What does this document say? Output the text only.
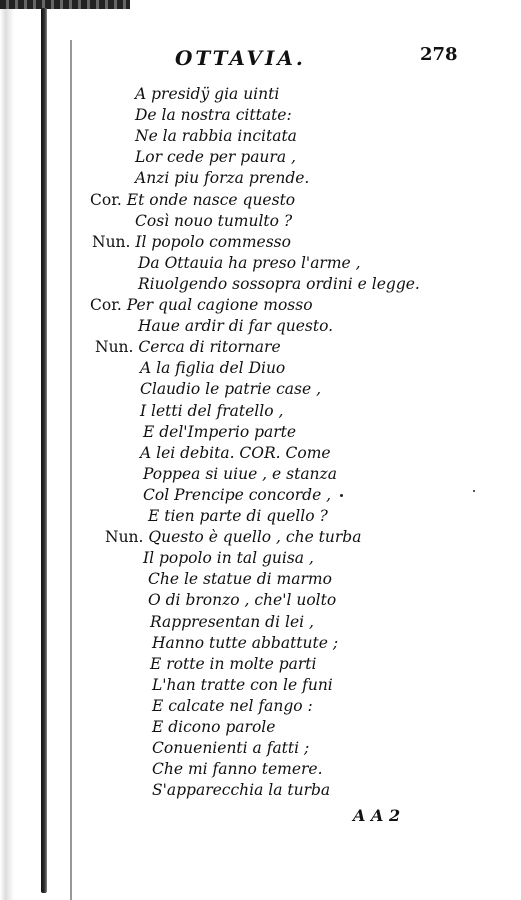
OTTAVIA.	278
A presidÿ gia uinti
De la nostra cittate:
Ne la rabbia incitata
Lor cede per paura ,
Anzi piu forza prende.
Cor. Et onde nasce questo
Così nouo tumulto ?
Nun. Il popolo commesso
Da Ottauia ha preso l'arme ,
Riuolgendo sossopra ordini e legge.
Cor. Per qual cagione mosso
Haue ardir di far questo.
Nun. Cerca di ritornare
A la figlia del Diuo
Claudio le patrie case ,
I letti del fratello ,
E del'Imperio parte
A lei debita. COR. Come
Poppea si uiue , e stanza
Col Prencipe concorde ,
E tien parte di quello ?
Nun. Questo è quello , che turba
Il popolo in tal guisa ,
Che le statue di marmo
O di bronzo , che'l uolto
Rappresentan di lei ,
Hanno tutte abbattute ;
E rotte in molte parti
L'han tratte con le funi
E calcate nel fango :
E dicono parole
Conuenienti a fatti ;
Che mi fanno temere.
S'apparecchia la turba
A A 2
